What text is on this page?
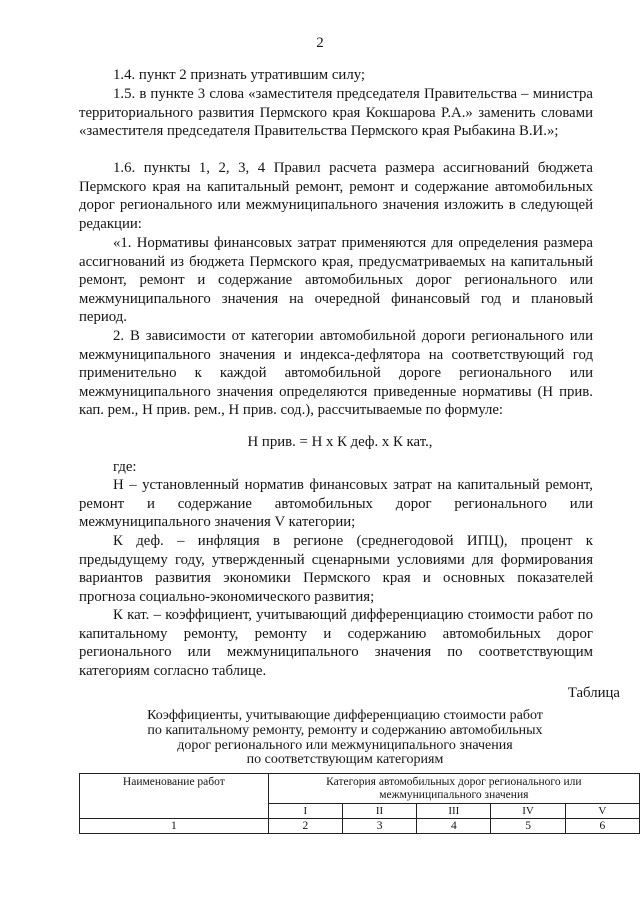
2

1.4. пункт 2 признать утратившим силу;

1.5. в пункте 3 слова «заместителя председателя Правительства – министра территориального развития Пермского края Кокшарова Р.А.» заменить словами «заместителя председателя Правительства Пермского края Рыбакина В.И.»;

1.6. пункты 1, 2, 3, 4 Правил расчета размера ассигнований бюджета Пермского края на капитальный ремонт, ремонт и содержание автомобильных дорог регионального или межмуниципального значения изложить в следующей редакции:

«1. Нормативы финансовых затрат применяются для определения размера ассигнований из бюджета Пермского края, предусматриваемых на капитальный ремонт, ремонт и содержание автомобильных дорог регионального или межмуниципального значения на очередной финансовый год и плановый период.

2. В зависимости от категории автомобильной дороги регионального или межмуниципального значения и индекса-дефлятора на соответствующий год применительно к каждой автомобильной дороге регионального или межмуниципального значения определяются приведенные нормативы (Н прив. кап. рем., Н прив. рем., Н прив. сод.), рассчитываемые по формуле:

Н прив. = Н x К деф. x К кат.,

где:

Н – установленный норматив финансовых затрат на капитальный ремонт, ремонт и содержание автомобильных дорог регионального или межмуниципального значения V категории;

К деф. – инфляция в регионе (среднегодовой ИПЦ), процент к предыдущему году, утвержденный сценарными условиями для формирования вариантов развития экономики Пермского края и основных показателей прогноза социально-экономического развития;

К кат. – коэффициент, учитывающий дифференциацию стоимости работ по капитальному ремонту, ремонту и содержанию автомобильных дорог регионального или межмуниципального значения по соответствующим категориям согласно таблице.

Таблица
Коэффициенты, учитывающие дифференциацию стоимости работ
по капитальному ремонту, ремонту и содержанию автомобильных
дорог регионального или межмуниципального значения
по соответствующим категориям
Наименование работ	Категория автомобильных дорог регионального или межмуниципального значения				
	I	II	III	IV	V
1	2	3	4	5	6
